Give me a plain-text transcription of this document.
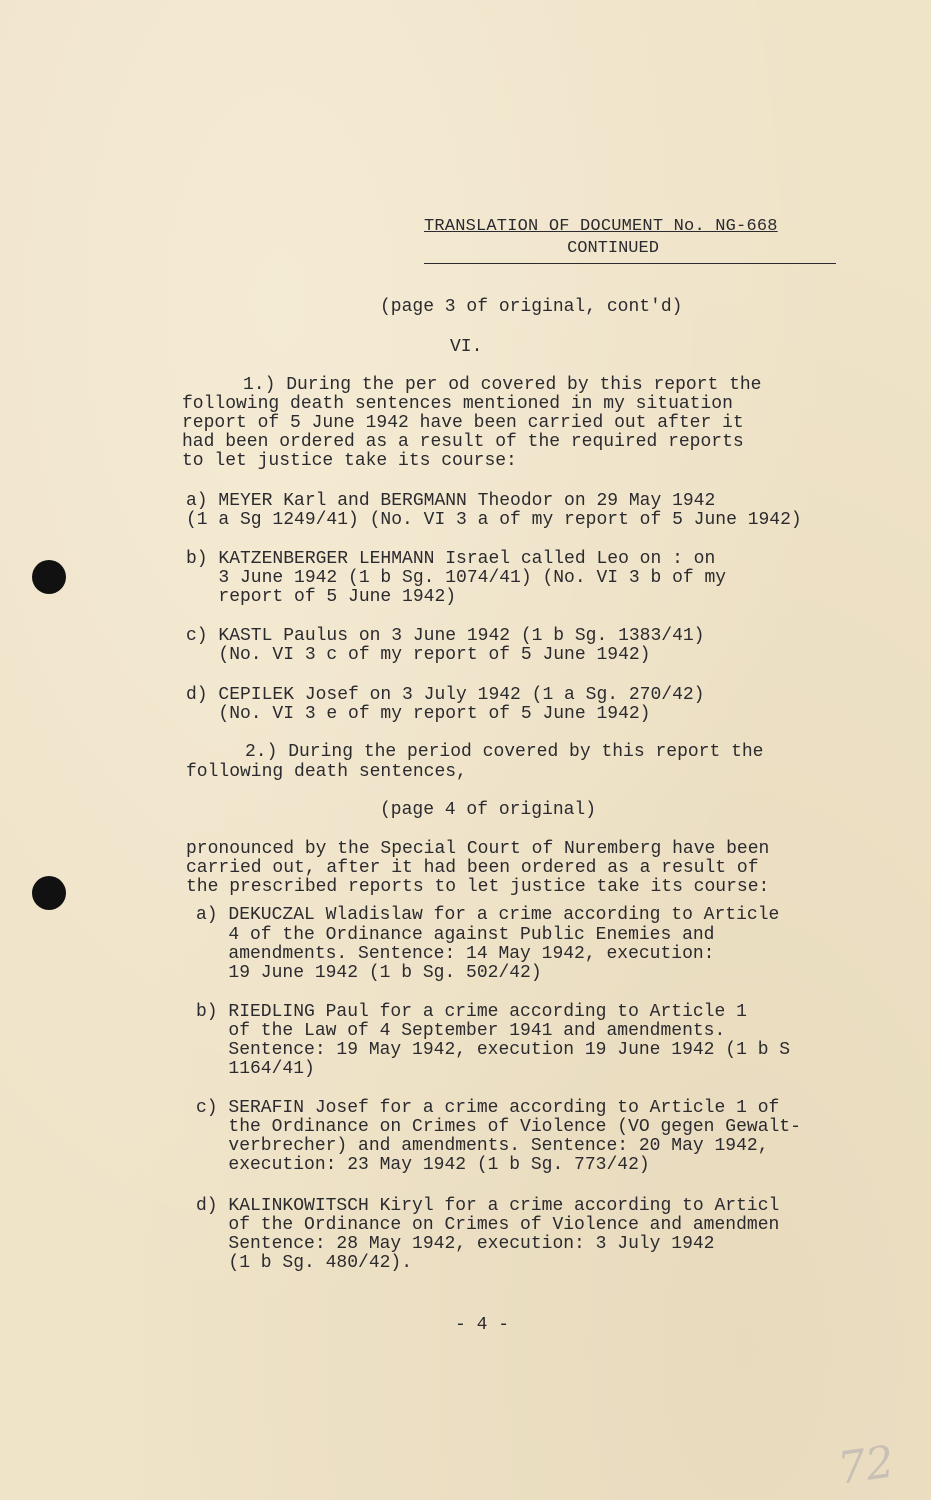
TRANSLATION OF DOCUMENT No. NG-668
CONTINUED
(page 3 of original, cont'd)
VI.
1.) During the per od covered by this report the
following death sentences mentioned in my situation
report of 5 June 1942 have been carried out after it
had been ordered as a result of the required reports
to let justice take its course:
a) MEYER Karl and BERGMANN Theodor on 29 May 1942
(1 a Sg 1249/41) (No. VI 3 a of my report of 5 June 1942)
b) KATZENBERGER LEHMANN Israel called Leo on : on
3 June 1942 (1 b Sg. 1074/41) (No. VI 3 b of my
report of 5 June 1942)
c) KASTL Paulus on 3 June 1942 (1 b Sg. 1383/41)
(No. VI 3 c of my report of 5 June 1942)
d) CEPILEK Josef on 3 July 1942 (1 a Sg. 270/42)
(No. VI 3 e of my report of 5 June 1942)
2.) During the period covered by this report the
following death sentences,
(page 4 of original)
pronounced by the Special Court of Nuremberg have been
carried out, after it had been ordered as a result of
the prescribed reports to let justice take its course:
a) DEKUCZAL Wladislaw for a crime according to Article
4 of the Ordinance against Public Enemies and
amendments. Sentence: 14 May 1942, execution:
19 June 1942 (1 b Sg. 502/42)
b) RIEDLING Paul for a crime according to Article 1
of the Law of 4 September 1941 and amendments.
Sentence: 19 May 1942, execution 19 June 1942 (1 b S
1164/41)
c) SERAFIN Josef for a crime according to Article 1 of
the Ordinance on Crimes of Violence (VO gegen Gewalt-
verbrecher) and amendments. Sentence: 20 May 1942,
execution: 23 May 1942 (1 b Sg. 773/42)
d) KALINKOWITSCH Kiryl for a crime according to Articl
of the Ordinance on Crimes of Violence and amendmen
Sentence: 28 May 1942, execution: 3 July 1942
(1 b Sg. 480/42).
- 4 -
72
